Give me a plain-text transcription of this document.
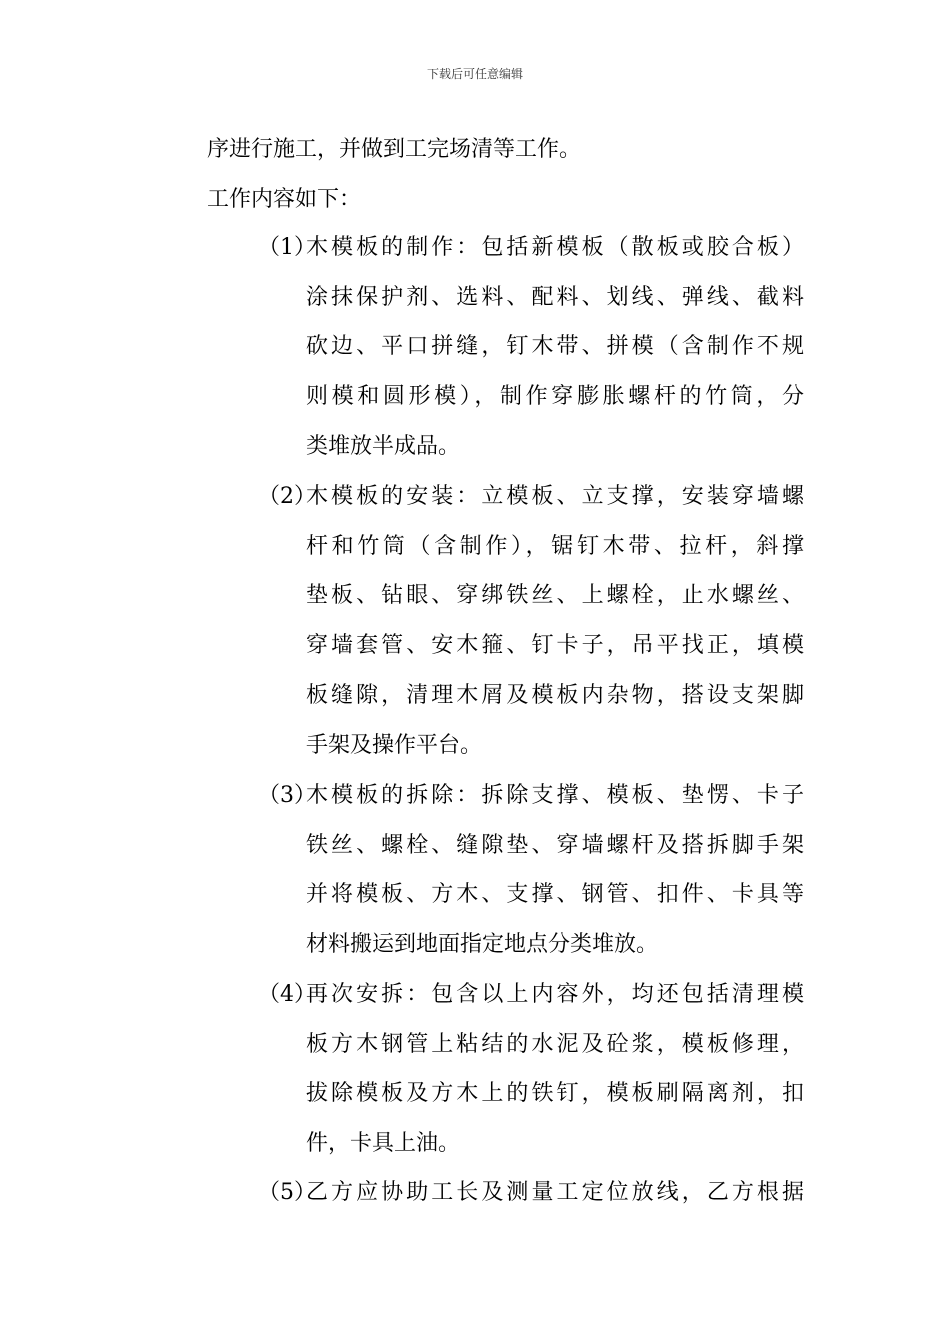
下载后可任意编辑
序进行施工，并做到工完场清等工作。
工作内容如下：
（1）
木模板的制作：包括新模板（散板或胶合板）
涂抹保护剂、选料、配料、划线、弹线、截料
砍边、平口拼缝，钉木带、拼模（含制作不规
则模和圆形模），制作穿膨胀螺杆的竹筒，分
类堆放半成品。
（2）
木模板的安装：立模板、立支撑，安装穿墙螺
杆和竹筒（含制作），锯钉木带、拉杆，斜撑
垫板、钻眼、穿绑铁丝、上螺栓，止水螺丝、
穿墙套管、安木箍、钉卡子，吊平找正，填模
板缝隙，清理木屑及模板内杂物，搭设支架脚
手架及操作平台。
（3）
木模板的拆除：拆除支撑、模板、垫愣、卡子
铁丝、螺栓、缝隙垫、穿墙螺杆及搭拆脚手架
并将模板、方木、支撑、钢管、扣件、卡具等
材料搬运到地面指定地点分类堆放。
（4）
再次安拆：包含以上内容外，均还包括清理模
板方木钢管上粘结的水泥及砼浆，模板修理，
拔除模板及方木上的铁钉，模板刷隔离剂，扣
件，卡具上油。
（5）
乙方应协助工长及测量工定位放线，乙方根据
